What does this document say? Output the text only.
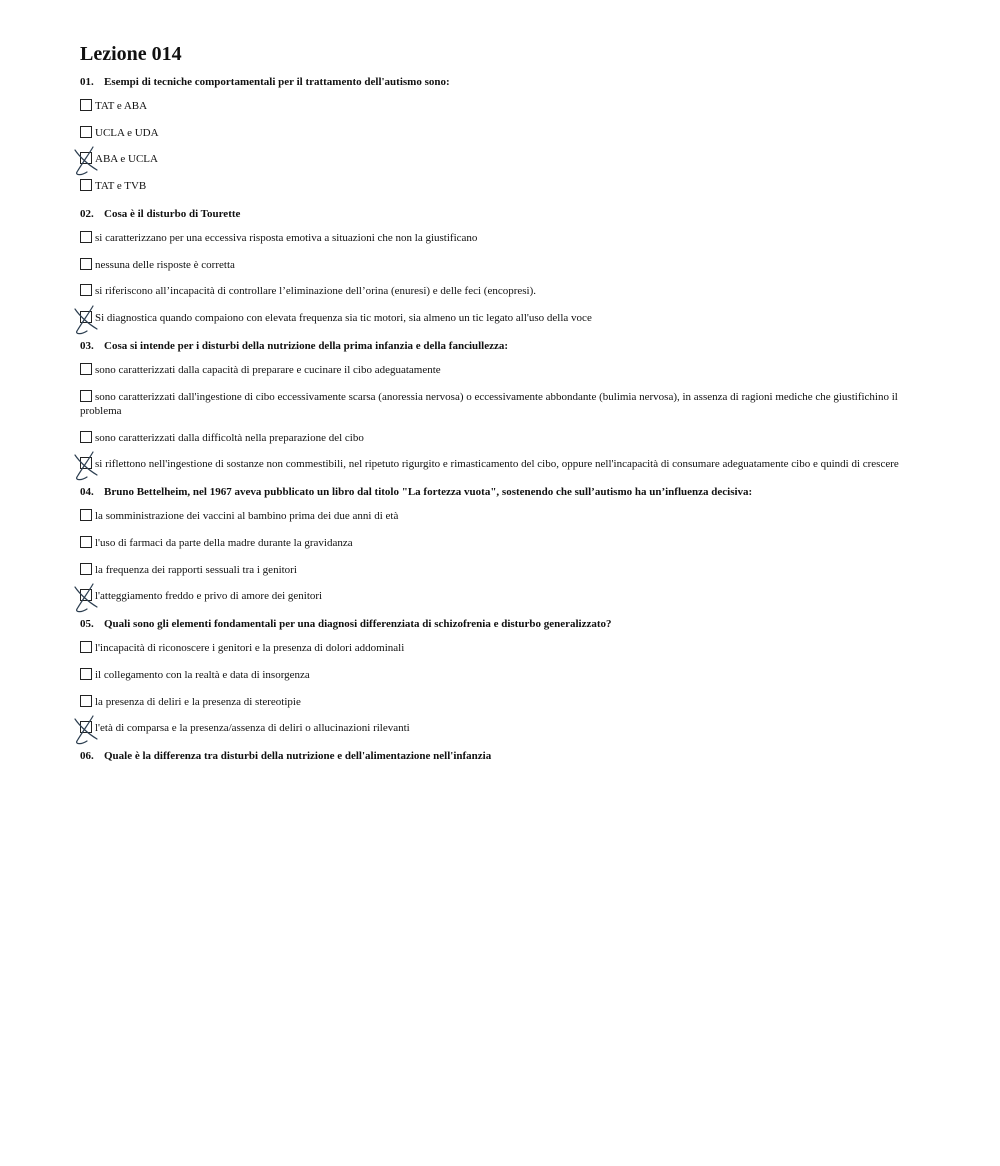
Lezione 014
01. Esempi di tecniche comportamentali per il trattamento dell'autismo sono:
TAT e ABA
UCLA e UDA
ABA e UCLA
TAT e TVB
02. Cosa è il disturbo di Tourette
si caratterizzano per una eccessiva risposta emotiva a situazioni che non la giustificano
nessuna delle risposte è corretta
si riferiscono all’incapacità di controllare l’eliminazione dell’orina (enuresi) e delle feci (encopresi).
Si diagnostica quando compaiono con elevata frequenza sia tic motori, sia almeno un tic legato all'uso della voce
03. Cosa si intende per i disturbi della nutrizione della prima infanzia e della fanciullezza:
sono caratterizzati dalla capacità di preparare e cucinare il cibo adeguatamente
sono caratterizzati dall'ingestione di cibo eccessivamente scarsa (anoressia nervosa) o eccessivamente abbondante (bulimia nervosa), in assenza di ragioni mediche che giustifichino il problema
sono caratterizzati dalla difficoltà nella preparazione del cibo
si riflettono nell'ingestione di sostanze non commestibili, nel ripetuto rigurgito e rimasticamento del cibo, oppure nell'incapacità di consumare adeguatamente cibo e quindi di crescere
04. Bruno Bettelheim, nel 1967 aveva pubblicato un libro dal titolo "La fortezza vuota", sostenendo che sull’autismo ha un’influenza decisiva:
la somministrazione dei vaccini al bambino prima dei due anni di età
l'uso di farmaci da parte della madre durante la gravidanza
la frequenza dei rapporti sessuali tra i genitori
l'atteggiamento freddo e privo di amore dei genitori
05. Quali sono gli elementi fondamentali per una diagnosi differenziata di schizofrenia e disturbo generalizzato?
l'incapacità di riconoscere i genitori e la presenza di dolori addominali
il collegamento con la realtà e data di insorgenza
la presenza di deliri e la presenza di stereotipie
l'età di comparsa e la presenza/assenza di deliri o allucinazioni rilevanti
06. Quale è la differenza tra disturbi della nutrizione e dell'alimentazione nell'infanzia
